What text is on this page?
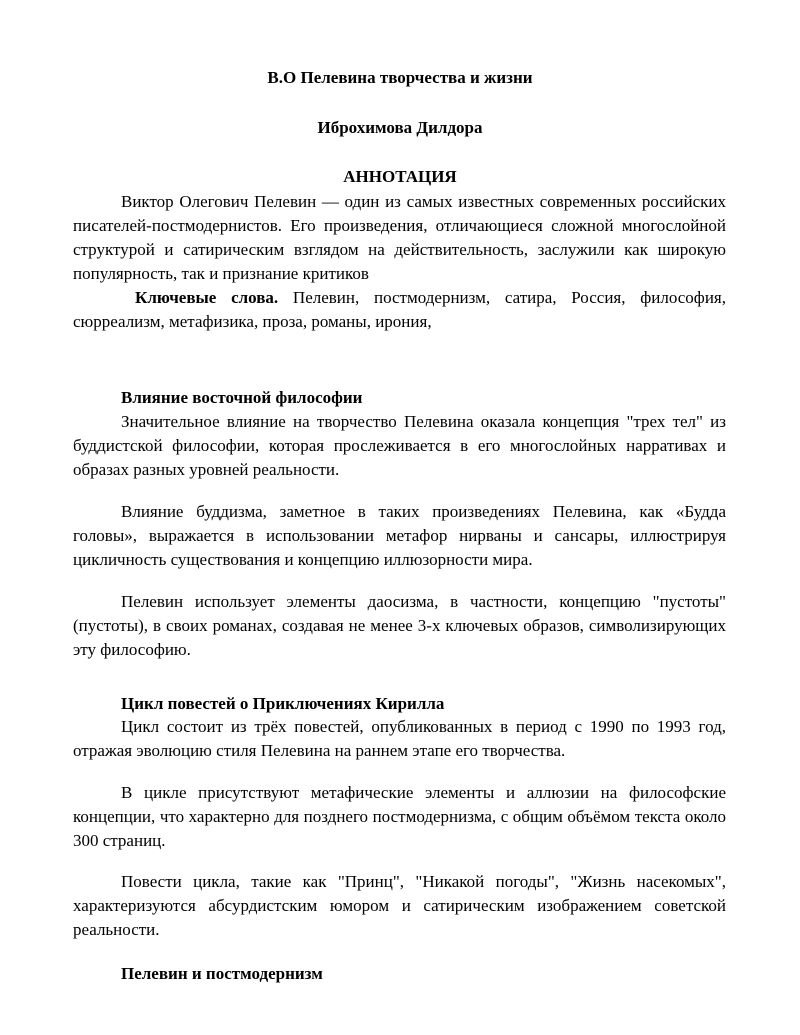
В.О Пелевина творчества и жизни

Иброхимова Дилдора

АННОТАЦИЯ

Виктор Олегович Пелевин — один из самых известных современных российских писателей-постмодернистов. Его произведения, отличающиеся сложной многослойной структурой и сатирическим взглядом на действительность, заслужили как широкую популярность, так и признание критиков

Ключевые слова. Пелевин, постмодернизм, сатира, Россия, философия, сюрреализм, метафизика, проза, романы, ирония,

Влияние восточной философии

Значительное влияние на творчество Пелевина оказала концепция "трех тел" из буддистской философии, которая прослеживается в его многослойных нарративах и образах разных уровней реальности.

Влияние буддизма, заметное в таких произведениях Пелевина, как «Будда головы», выражается в использовании метафор нирваны и сансары, иллюстрируя цикличность существования и концепцию иллюзорности мира.

Пелевин использует элементы даосизма, в частности, концепцию "пустоты" (пустоты), в своих романах, создавая не менее 3-х ключевых образов, символизирующих эту философию.

Цикл повестей о Приключениях Кирилла

Цикл состоит из трёх повестей, опубликованных в период с 1990 по 1993 год, отражая эволюцию стиля Пелевина на раннем этапе его творчества.

В цикле присутствуют метафические элементы и аллюзии на философские концепции, что характерно для позднего постмодернизма, с общим объёмом текста около 300 страниц.

Повести цикла, такие как "Принц", "Никакой погоды", "Жизнь насекомых", характеризуются абсурдистским юмором и сатирическим изображением советской реальности.

Пелевин и постмодернизм
